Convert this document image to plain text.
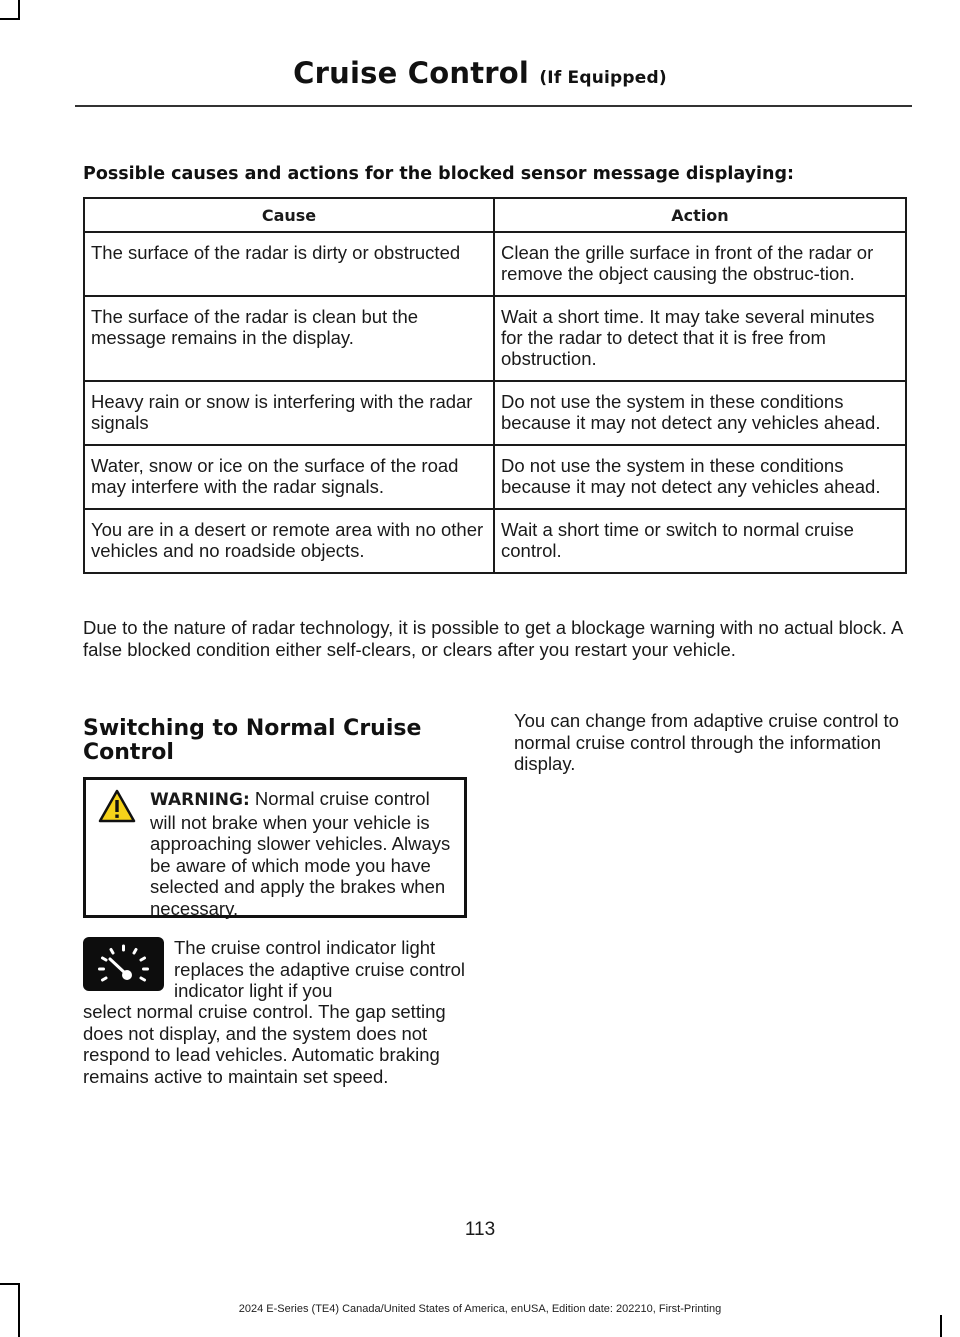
Cruise Control (If Equipped)
Possible causes and actions for the blocked sensor message displaying:
Cause	Action
The surface of the radar is dirty or obstructed	Clean the grille surface in front of the radar or remove the object causing the obstruc-tion.
The surface of the radar is clean but the message remains in the display.	Wait a short time. It may take several minutes for the radar to detect that it is free from obstruction.
Heavy rain or snow is interfering with the radar signals	Do not use the system in these conditions because it may not detect any vehicles ahead.
Water, snow or ice on the surface of the road may interfere with the radar signals.	Do not use the system in these conditions because it may not detect any vehicles ahead.
You are in a desert or remote area with no other vehicles and no roadside objects.	Wait a short time or switch to normal cruise control.
Due to the nature of radar technology, it is possible to get a blockage warning with no actual block. A false blocked condition either self-clears, or clears after you restart your vehicle.
Switching to Normal Cruise Control
WARNING: Normal cruise control will not brake when your vehicle is approaching slower vehicles. Always be aware of which mode you have selected and apply the brakes when necessary.
The cruise control indicator light replaces the adaptive cruise control indicator light if you
select normal cruise control. The gap setting does not display, and the system does not respond to lead vehicles. Automatic braking remains active to maintain set speed.
You can change from adaptive cruise control to normal cruise control through the information display.
113
2024 E-Series (TE4) Canada/United States of America, enUSA, Edition date: 202210, First-Printing
